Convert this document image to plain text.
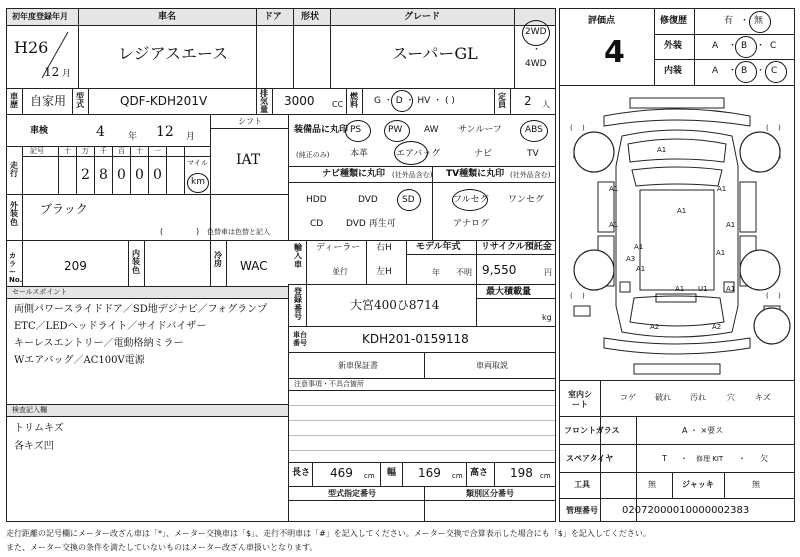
初年度登録年月	車名	ドア 形状	グレード
H26
12 月
レジアスエース	スーパーGL
2WD
・
4WD
車歴 自家用 型式	QDF-KDH201V
排気量
3000 CC
燃料 G ・ D ・ HV ・ ( )	定員 2 人
車検	4	年 12 月
シフト
IAT
走行
記号	十 万 千 百 十 一
2 8 0 0 0
マイル
km
装備品に丸印
(純正のみ)
PS	PW AW サンルーフ	ABS
本革	エアバッグ	ナビ	TV
ナビ種類に丸印 (社外品含む) TV種類に丸印 (社外品含む)
HDD	DVD	SD
CD	DVD 再生可
フルセグ ワンセグ
アナログ
外装色
ブラック
(	) 色替車は色替と記入
カラーNo.
209
内装色
冷房 WAC
輸入車
ディーラー
並行
右H
左H
モデル年式
年 不明
リサイクル預託金
9,550	円
セールスポイント
両側パワースライドドア／SD地デジナビ／フォグランプ
ETC／LEDヘッドライト／サイドバイザー
キーレスエントリー／電動格納ミラー
Wエアバッグ／AC100V電源
登録番号
大宮400ひ8714
最大積載量
kg
車台番号	KDH201-0159118
新車保証書	車両取説
注意事項・不具合箇所
検査記入欄
トリムキズ
各キズ凹
長さ 469 cm 幅 169 cm 高さ 198 cm
型式指定番号	類別区分番号
評価点
4
修復歴	有 ・ 無
外装	A ・ B ・ C
内装	A ・ B ・ C
( )	( )
( )	( )
A1
A1	A1
A1
A1
A1
A1
A1
A1
A3
A1 U1	A1
A2	A2
室内シート
コゲ 破れ 汚れ	穴	キズ
フロントガラス	A ・ ×要ス
スペアタイヤ	T ・ 修理 KIT ・ 欠
工具	無	ジャッキ	無
管理番号 02072000010000002383
走行距離の記号欄にメーター改ざん車は「*」、メーター交換車は「$」、走行不明車は「#」を記入してください。メーター交換で合算表示した場合にも「$」を記入してください。
また、メーター交換の条件を満たしていないものはメーター改ざん車扱いとなります。
